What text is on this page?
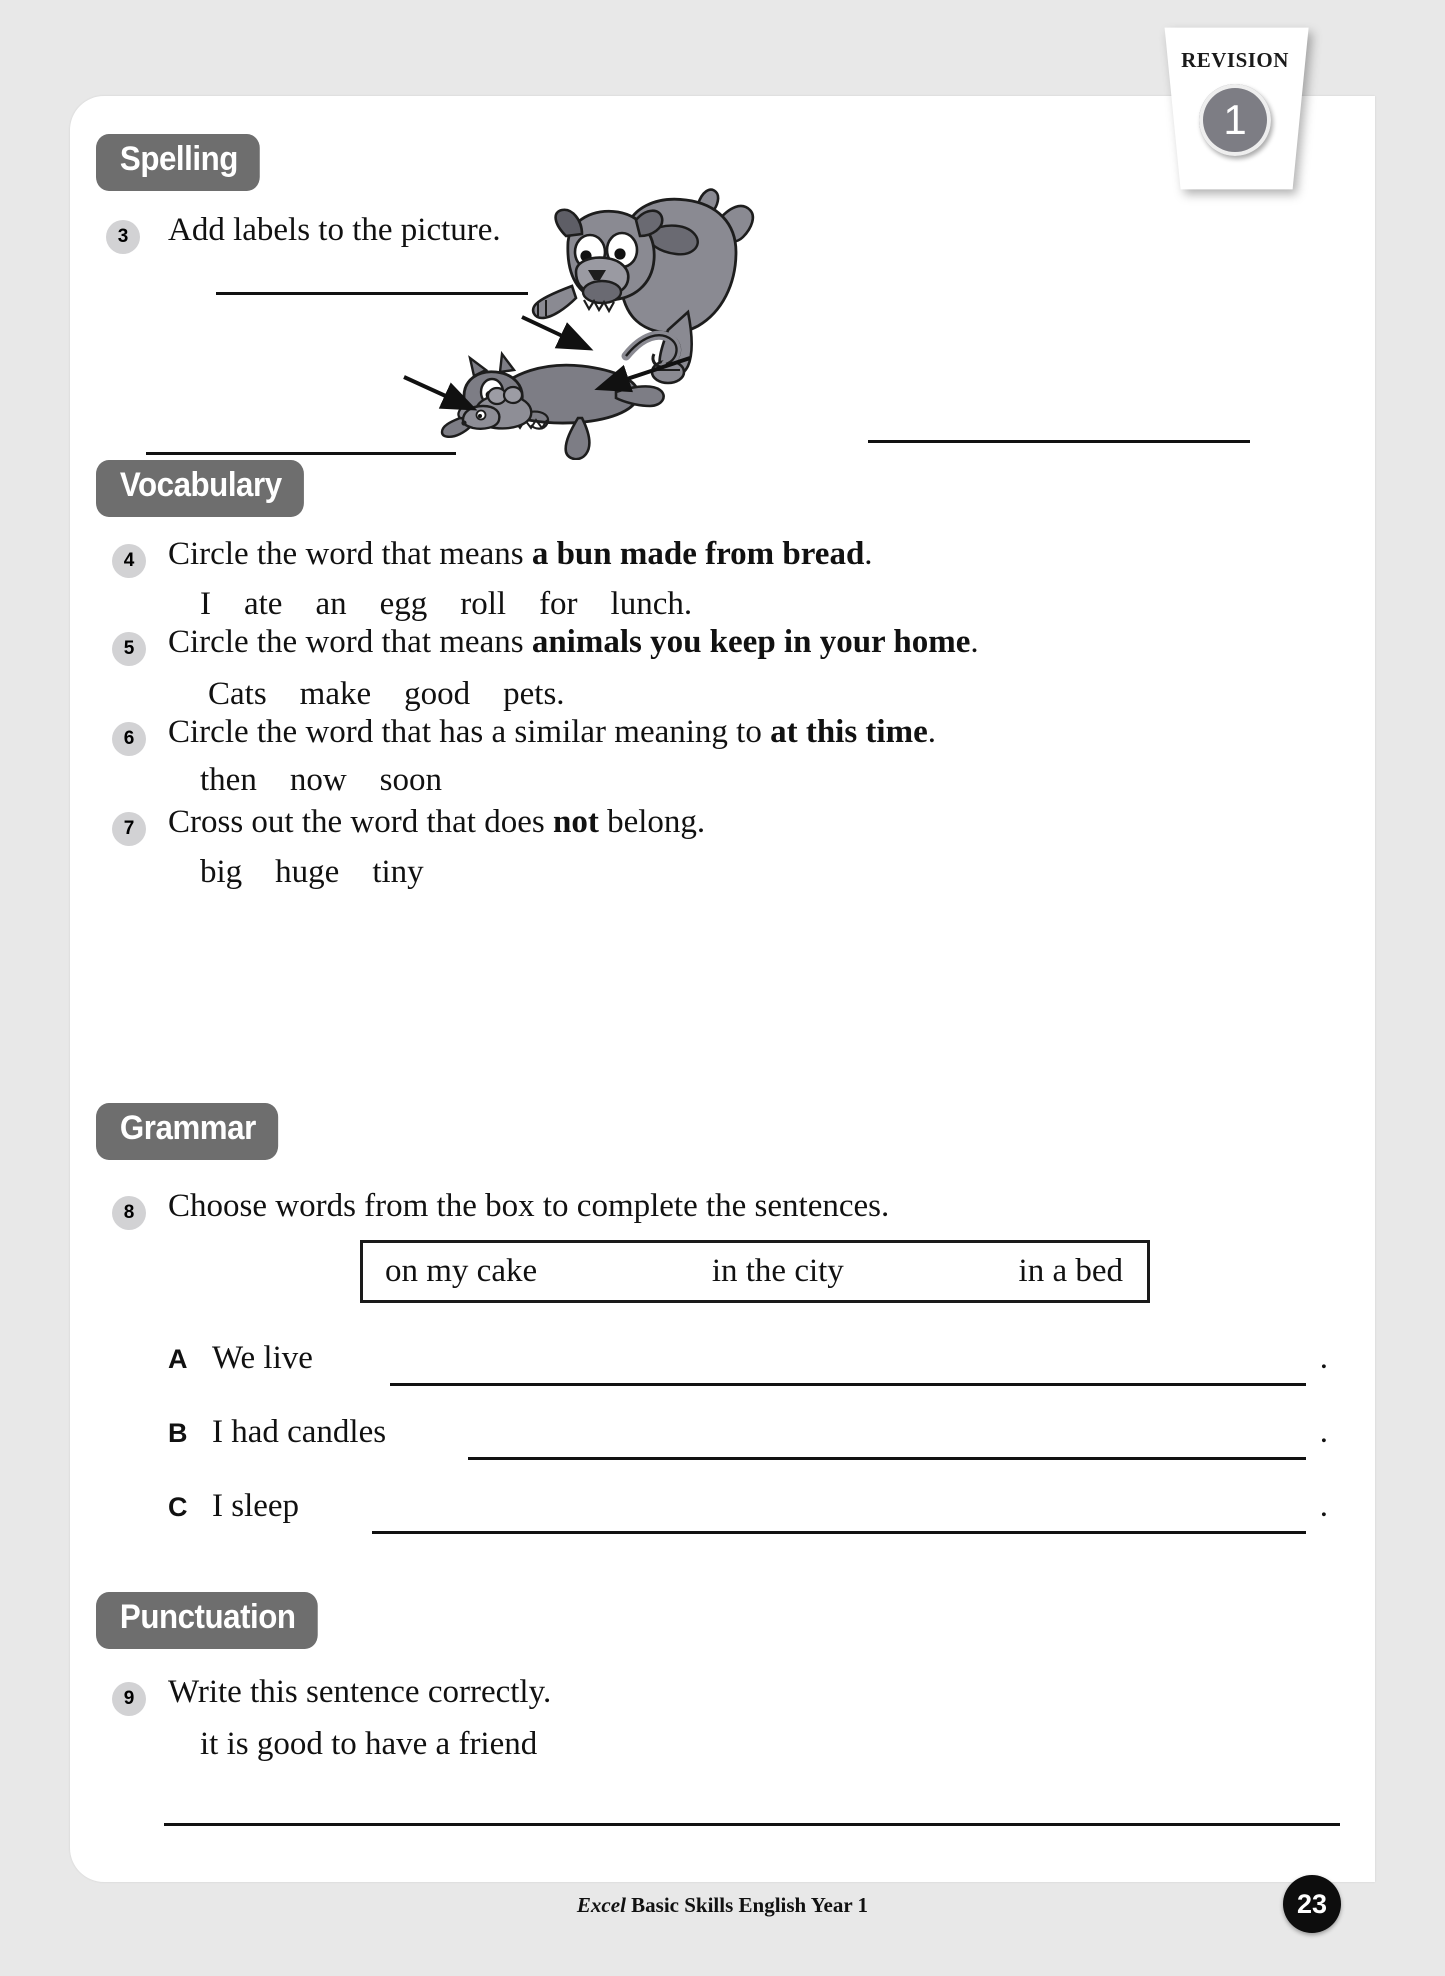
REVISION
1
Spelling
3	Add labels to the picture.
Vocabulary
4	Circle the word that means a bun made from bread.
I    ate    an    egg    roll    for    lunch.
5	Circle the word that means animals you keep in your home.
Cats    make    good    pets.
6	Circle the word that has a similar meaning to at this time.
then    now    soon
7	Cross out the word that does not belong.
big    huge    tiny
Grammar
8	Choose words from the box to complete the sentences.
on my cake	in the city	in a bed
A We live	.
B I had candles	.
C I sleep	.
Punctuation
9	Write this sentence correctly.
it is good to have a friend
Excel Basic Skills English Year 1	23
